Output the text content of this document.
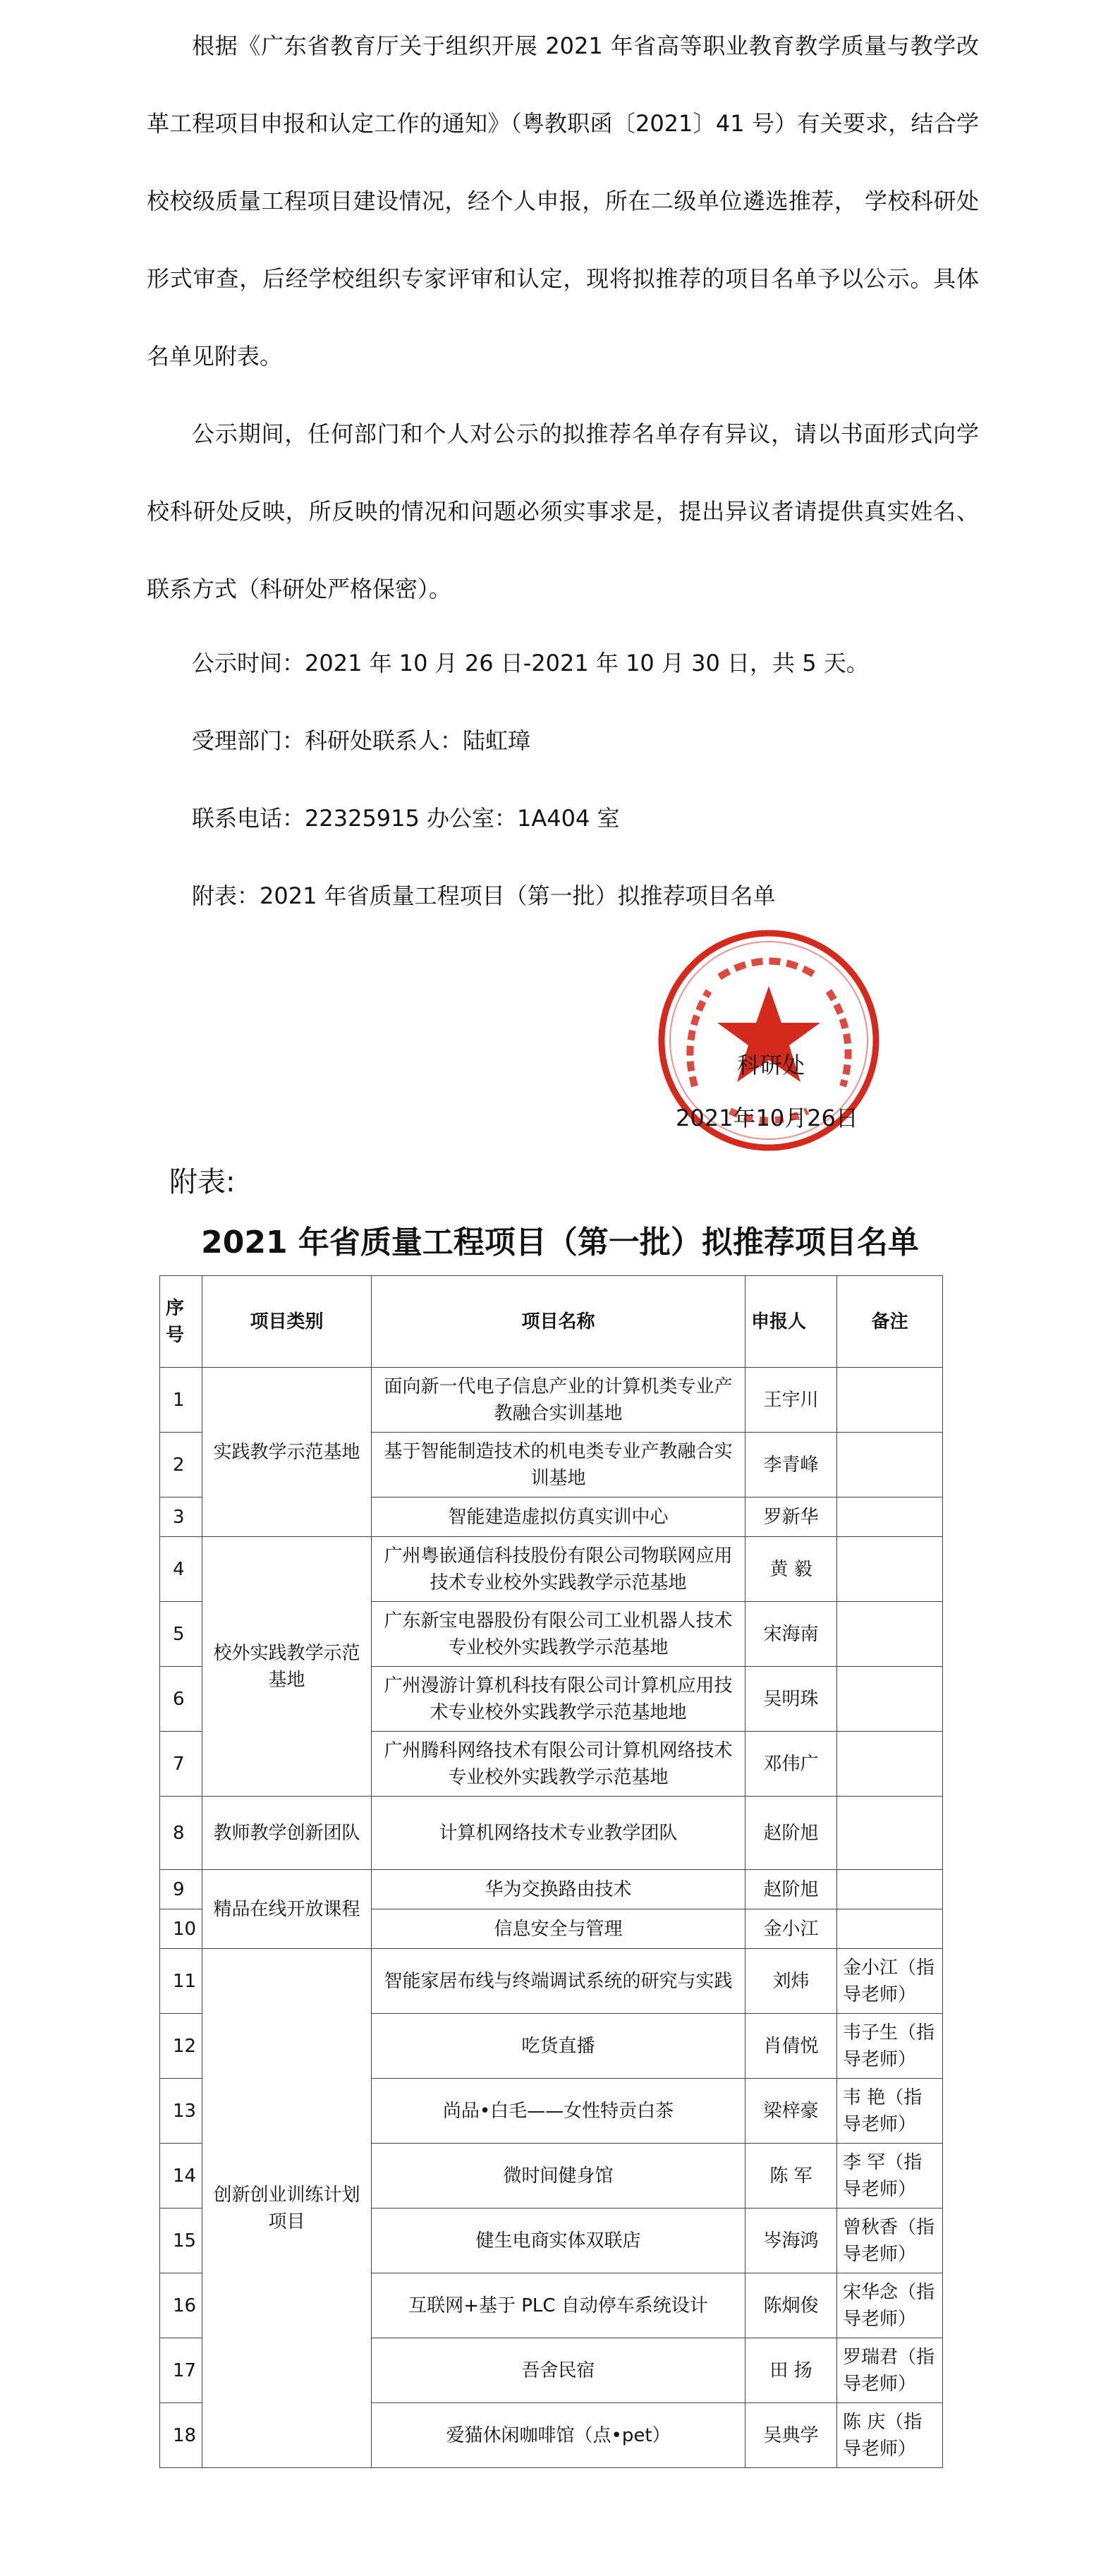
根据《广东省教育厅关于组织开展 2021 年省高等职业教育教学质量与教学改革工程项目申报和认定工作的通知》（粤教职函〔2021〕41 号）有关要求，结合学校校级质量工程项目建设情况，经个人申报，所在二级单位遴选推荐， 学校科研处形式审查，后经学校组织专家评审和认定，现将拟推荐的项目名单予以公示。具体名单见附表。

公示期间，任何部门和个人对公示的拟推荐名单存有异议，请以书面形式向学校科研处反映，所反映的情况和问题必须实事求是，提出异议者请提供真实姓名、联系方式（科研处严格保密）。

公示时间：2021 年 10 月 26 日-2021 年 10 月 30 日，共 5 天。
受理部门：科研处联系人：陆虹璋
联系电话：22325915 办公室：1A404 室
附表：2021 年省质量工程项目（第一批）拟推荐项目名单
科研处
2021年10月26日
附表:
2021 年省质量工程项目（第一批）拟推荐项目名单
序号	项目类别	项目名称	申报人	备注
1	实践教学示范基地	面向新一代电子信息产业的计算机类专业产教融合实训基地	王宇川	
2		基于智能制造技术的机电类专业产教融合实训基地	李青峰	
3		智能建造虚拟仿真实训中心	罗新华	
4	校外实践教学示范基地	广州粤嵌通信科技股份有限公司物联网应用技术专业校外实践教学示范基地	黄 毅	
5		广东新宝电器股份有限公司工业机器人技术专业校外实践教学示范基地	宋海南	
6		广州漫游计算机科技有限公司计算机应用技术专业校外实践教学示范基地地	吴明珠	
7		广州腾科网络技术有限公司计算机网络技术专业校外实践教学示范基地	邓伟广	
8	教师教学创新团队	计算机网络技术专业教学团队	赵阶旭	
9	精品在线开放课程	华为交换路由技术	赵阶旭	
10		信息安全与管理	金小江	
11	创新创业训练计划项目	智能家居布线与终端调试系统的研究与实践	刘炜	金小江（指导老师）
12		吃货直播	肖倩悦	韦子生（指导老师）
13		尚品•白毛——女性特贡白茶	梁梓豪	韦 艳（指导老师）
14		微时间健身馆	陈 军	李 罕（指导老师）
15		健生电商实体双联店	岑海鸿	曾秋香（指导老师）
16		互联网+基于 PLC 自动停车系统设计	陈炯俊	宋华念（指导老师）
17		吾舍民宿	田 扬	罗瑞君（指导老师）
18		爱猫休闲咖啡馆（点•pet）	吴典学	陈 庆（指导老师）
